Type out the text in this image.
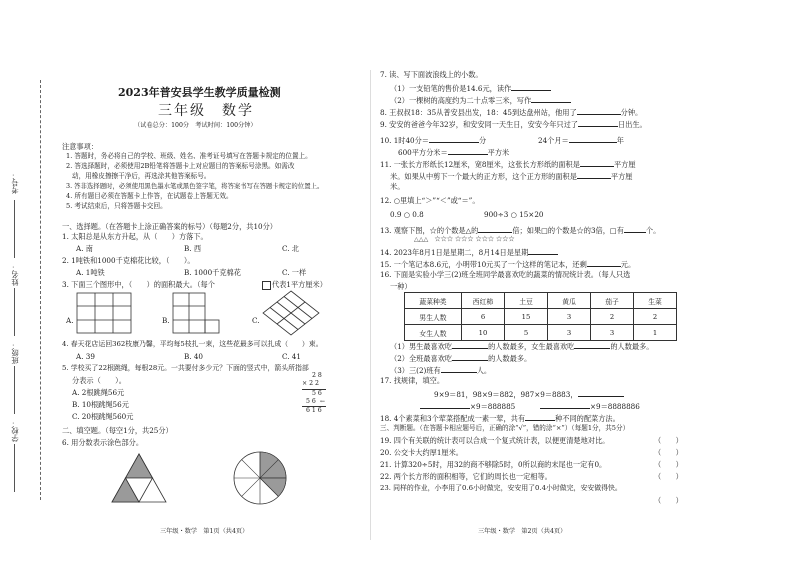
考号：
姓名：
班级：
学校：
2023年普安县学生教学质量检测
三年级　数学
（试卷总分：100分　考试时间：100分钟）
注意事项：
1. 答题时，务必将自己的学校、班级、姓名、准考证号填写在答题卡规定的位置上。
2. 答选择题时，必须使用2B铅笔将答题卡上对应题目的答案标号涂黑。如需改
动，用橡皮擦擦干净后，再选涂其他答案标号。
3. 答非选择题时，必须使用黑色墨水笔或黑色签字笔，将答案书写在答题卡规定的位置上。
4. 所有题目必须在答题卡上作答，在试题卷上答题无效。
5. 考试结束后，只将答题卡交回。
一、选择题。（在答题卡上涂正确答案的标号）（每题2分，共10分）
1. 太阳总是从东方升起，从（　　）方落下。
A. 南	B. 西	C. 北
2. 1吨铁和1000千克棉花比较，（　　）。
A. 1吨铁	B. 1000千克棉花	C. 一样
3. 下面三个图形中，（　　）的面积最大。（每个	代表1平方厘米）
A.	B.	C.
4. 春天花店运回362枝康乃馨，平均每5枝扎一束，这些花最多可以扎成（　　）束。
A. 39	B. 40	C. 41
5. 学校买了22根跳绳，每根28元。一共要付多少元？下面的竖式中，箭头所指部
分表示（　　）。
A. 2根跳绳56元
B. 10根跳绳56元
C. 20根跳绳560元
2 8
× 2 2
5 6
5 6 ←
6 1 6
二、填空题。（每空1分，共25分）
6. 用分数表示涂色部分。
三年级・数学　第1页（共4页）
7. 读、写下面波浪线上的小数。
（1）一支铅笔的售价是14.6元，读作
（2）一棵树的高度约为二十点零三米，写作
8. 王叔叔18：35从普安县出发，18：45到达盘州站，他用了	分钟。
9. 安安的爸爸今年32岁，和安安同一天生日，安安今年只过了	日出生。
10. 1时40分＝	分	24个月＝	年
600平方分米＝	平方米
11. 一张长方形纸长12厘米，宽8厘米，这张长方形纸的面积是	平方厘
米。如果从中剪下一个最大的正方形，这个正方形的面积是	平方厘
米。
12. ○里填上“＞”“＜”或“＝”。
0.9 ○ 0.8	900÷3 ○ 15×20
13. 观察下图，☆的个数是△的	倍；如果□的个数是☆的3倍，□有	个。
△△△　☆☆☆ ☆☆☆ ☆☆☆ ☆☆☆
14. 2023年8月1日是星期二，8月14日是星期
15. 一个笔记本8.6元，小明带10元买了一个这样的笔记本，还剩	元。
16. 下面是实验小学三(2)班全班同学最喜欢吃的蔬菜的情况统计表。（每人只选
一种）
蔬菜种类	西红柿	土豆	黄瓜	茄子	生菜
男生人数	6	15	3	2	2
女生人数	10	5	3	3	1
（1）男生最喜欢吃	的人数最多，女生最喜欢吃	的人数最多。
（2）全班最喜欢吃	的人数最多。
（3）三(2)班有	人。
17. 找规律，填空。
9×9＝81，98×9＝882，987×9＝8883，
×9＝888885	×9＝8888886
18. 4个素菜和3个荤菜搭配成一素一荤，共有	种不同的配菜方法。
三、判断题。（在答题卡相应题号后，正确的涂“√”，错的涂“×”）（每题1分，共5分）
19. 四个有关联的统计表可以合成一个复式统计表，以便更清楚地对比。	（　　）
20. 公交卡大约厚1厘米。	（　　）
21. 计算320÷5时，用32的商不够除5时，0所以商的末尾也一定有0。	（　　）
22. 两个长方形的面积相等，它们的周长也一定相等。	（　　）
23. 同样的作业，小李用了0.6小时做完，安安用了0.4小时做完，安安做得快。
（　　）
三年级・数学　第2页（共4页）
